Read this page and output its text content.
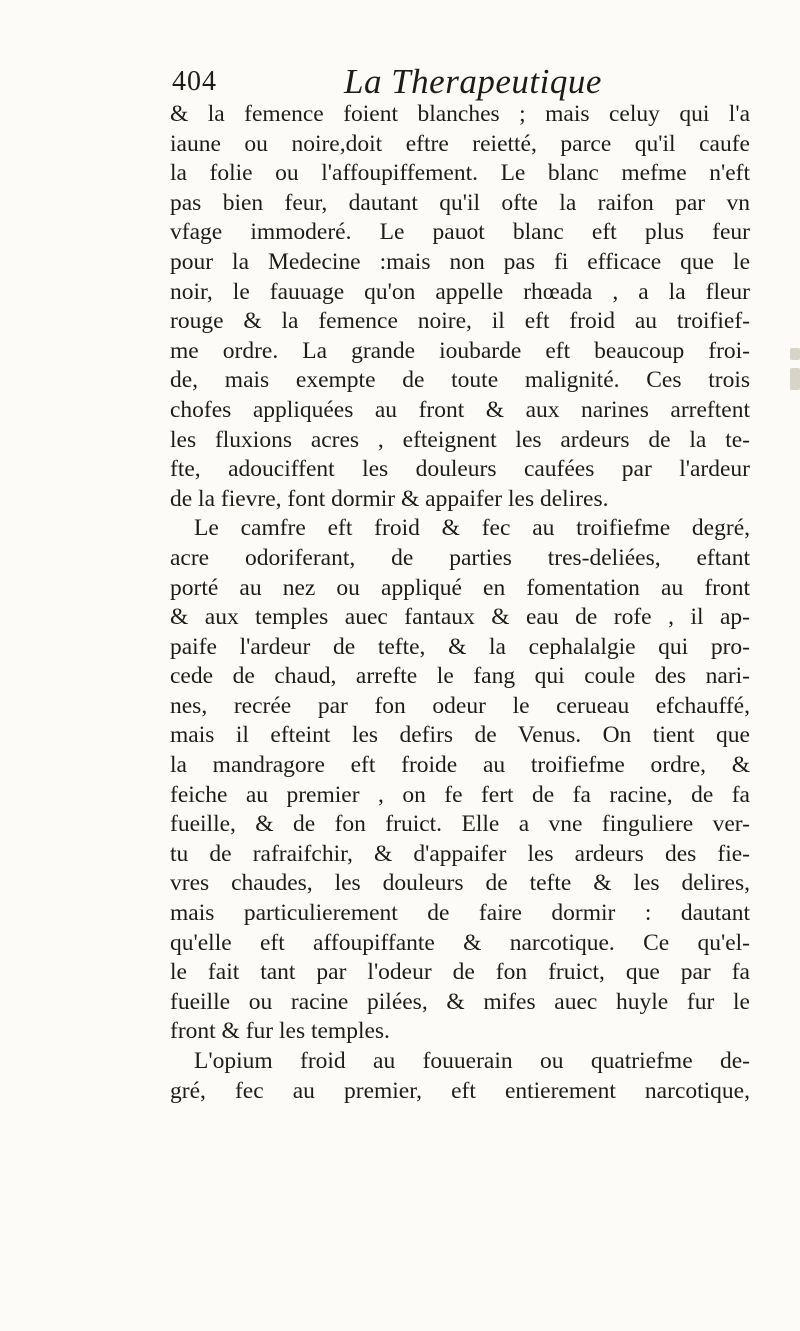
404	La Therapeutique
& la femence foient blanches ; mais celuy qui l'a
iaune ou noire,doit eftre reietté, parce qu'il caufe
la folie ou l'affoupiffement. Le blanc mefme n'eft
pas bien feur, dautant qu'il ofte la raifon par vn
vfage immoderé. Le pauot blanc eft plus feur
pour la Medecine :mais non pas fi efficace que le
noir, le fauuage qu'on appelle rhœada , a la fleur
rouge & la femence noire, il eft froid au troifief-
me ordre. La grande ioubarde eft beaucoup froi-
de, mais exempte de toute malignité. Ces trois
chofes appliquées au front & aux narines arreftent
les fluxions acres , efteignent les ardeurs de la te-
fte, adouciffent les douleurs caufées par l'ardeur
de la fievre, font dormir & appaifer les delires.
Le camfre eft froid & fec au troifiefme degré,
acre odoriferant, de parties tres-deliées, eftant
porté au nez ou appliqué en fomentation au front
& aux temples auec fantaux & eau de rofe , il ap-
paife l'ardeur de tefte, & la cephalalgie qui pro-
cede de chaud, arrefte le fang qui coule des nari-
nes, recrée par fon odeur le cerueau efchauffé,
mais il efteint les defirs de Venus. On tient que
la mandragore eft froide au troifiefme ordre, &
feiche au premier , on fe fert de fa racine, de fa
fueille, & de fon fruict. Elle a vne finguliere ver-
tu de rafraifchir, & d'appaifer les ardeurs des fie-
vres chaudes, les douleurs de tefte & les delires,
mais particulierement de faire dormir : dautant
qu'elle eft affoupiffante & narcotique. Ce qu'el-
le fait tant par l'odeur de fon fruict, que par fa
fueille ou racine pilées, & mifes auec huyle fur le
front & fur les temples.
L'opium froid au fouuerain ou quatriefme de-
gré, fec au premier, eft entierement narcotique,
